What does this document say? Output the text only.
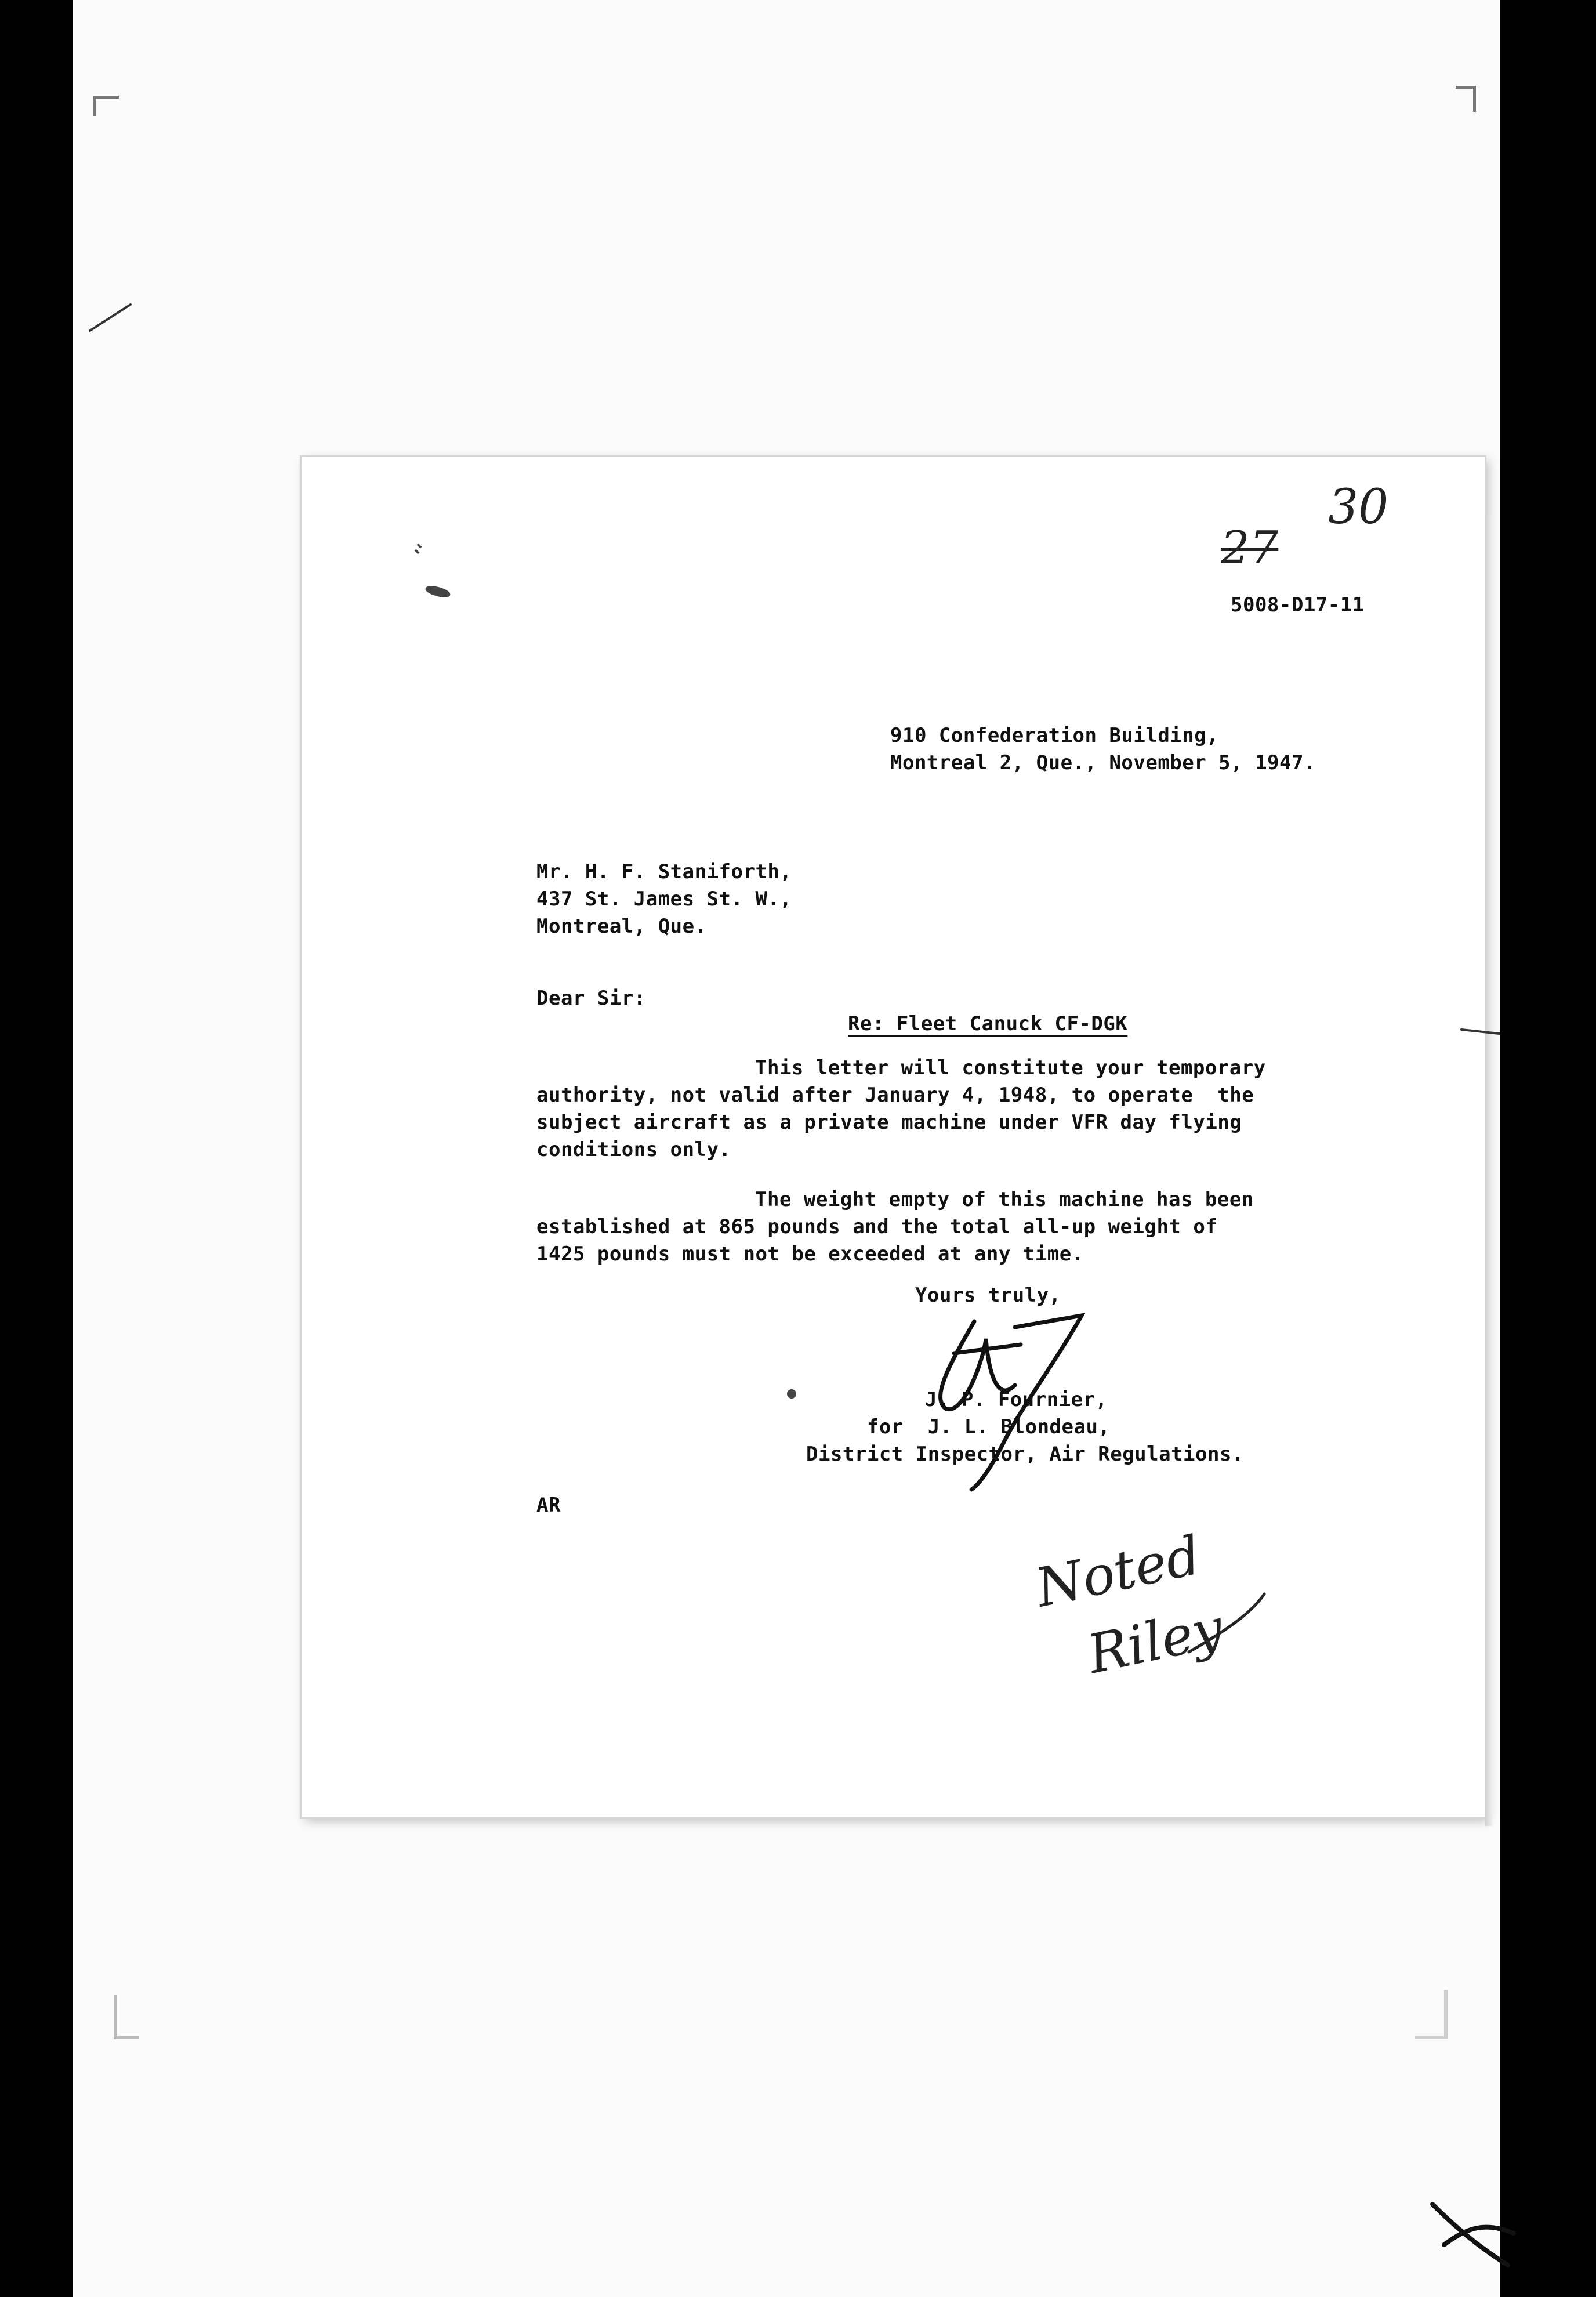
27
30

5008-D17-11

910 Confederation Building,

Montreal 2, Que., November 5, 1947.

Mr. H. F. Staniforth,

437 St. James St. W.,

Montreal, Que.

Dear Sir:

Re: Fleet Canuck CF-DGK

This letter will constitute your temporary

authority, not valid after January 4, 1948, to operate  the

subject aircraft as a private machine under VFR day flying

conditions only.

The weight empty of this machine has been

established at 865 pounds and the total all-up weight of

1425 pounds must not be exceeded at any time.

Yours truly,

J. P. Fournier,

for  J. L. Blondeau,

District Inspector, Air Regulations.

AR

Noted
Riley
